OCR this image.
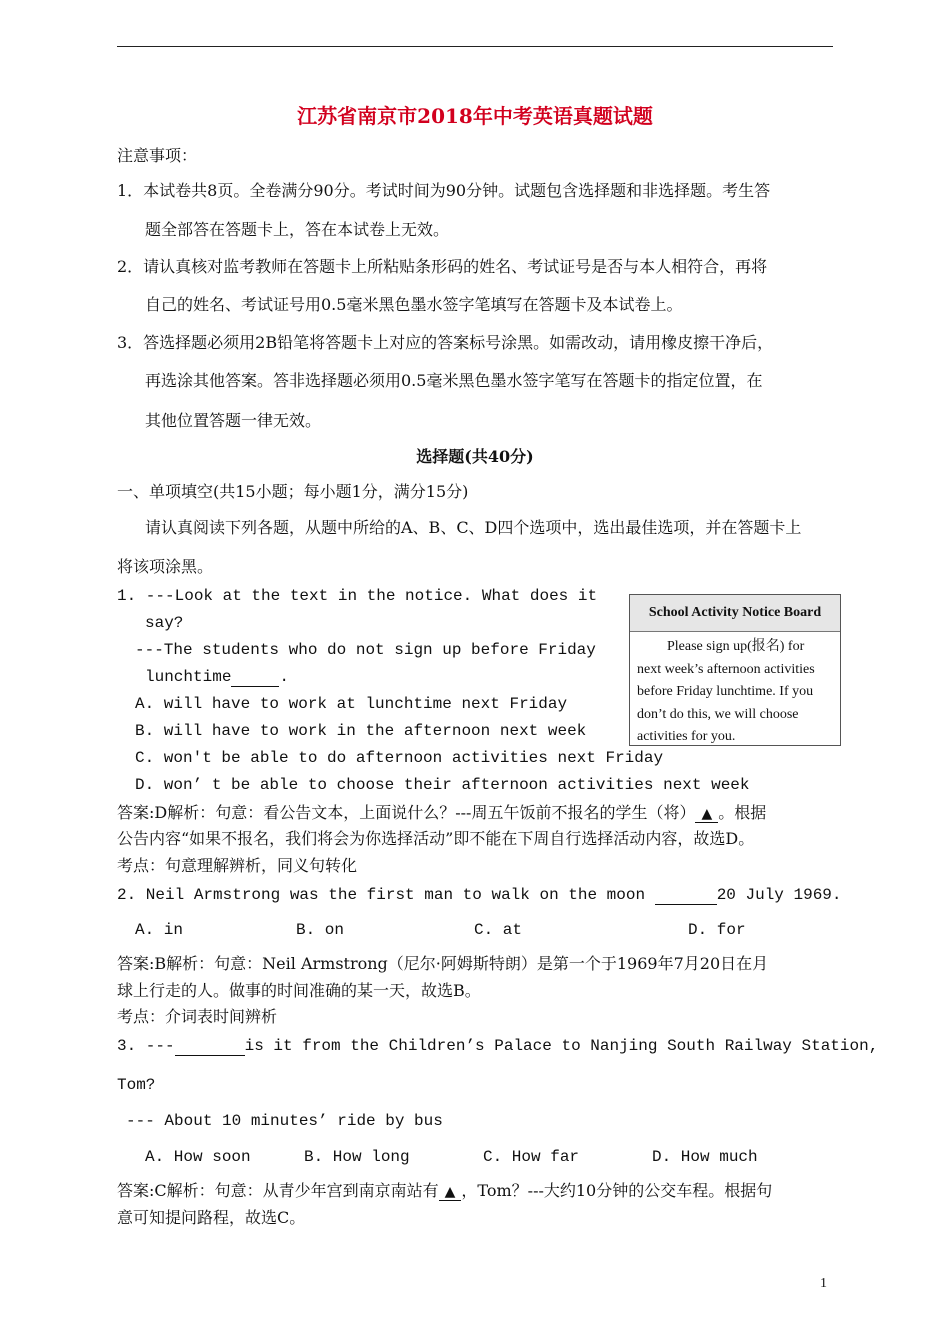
江苏省南京市2018年中考英语真题试题
注意事项：
1．本试卷共8页。全卷满分90分。考试时间为90分钟。试题包含选择题和非选择题。考生答
题全部答在答题卡上，答在本试卷上无效。
2．请认真核对监考教师在答题卡上所粘贴条形码的姓名、考试证号是否与本人相符合，再将
自己的姓名、考试证号用0.5毫米黑色墨水签字笔填写在答题卡及本试卷上。
3．答选择题必须用2B铅笔将答题卡上对应的答案标号涂黑。如需改动，请用橡皮擦干净后，
再选涂其他答案。答非选择题必须用0.5毫米黑色墨水签字笔写在答题卡的指定位置，在
其他位置答题一律无效。
选择题(共40分)
一、单项填空(共15小题；每小题1分，满分15分)
请认真阅读下列各题，从题中所给的A、B、C、D四个选项中，选出最佳选项，并在答题卡上
将该项涂黑。
1. ---Look at the text in the notice. What does it
say?
---The students who do not sign up before Friday
lunchtime	.
A. will have to work at lunchtime next Friday
B. will have to work in the afternoon next week
C. won't be able to do afternoon activities next Friday
D. won’ t be able to choose their afternoon activities next week
School Activity Notice Board
Please sign up(报名) for
next week’s afternoon activities
before Friday lunchtime. If you
don’t do this, we will choose
activities for you.
答案:D解析：句意：看公告文本，上面说什么？---周五午饭前不报名的学生（将） ▲ 。根据
公告内容“如果不报名，我们将会为你选择活动”即不能在下周自行选择活动内容，故选D。
考点：句意理解辨析，同义句转化
2. Neil Armstrong was the first man to walk on the moon	20 July 1969.
A. in	B. on	C. at	D. for
答案:B解析：句意：Neil Armstrong（尼尔·阿姆斯特朗）是第一个于1969年7月20日在月
球上行走的人。做事的时间准确的某一天，故选B。
考点：介词表时间辨析
3. ---	is it from the Children’s Palace to Nanjing South Railway Station,
Tom?
--- About 10 minutes’ ride by bus
A. How soon	B. How long	C. How far	D. How much
答案:C解析：句意：从青少年宫到南京南站有 ▲ ，Tom？---大约10分钟的公交车程。根据句
意可知提问路程，故选C。
1
